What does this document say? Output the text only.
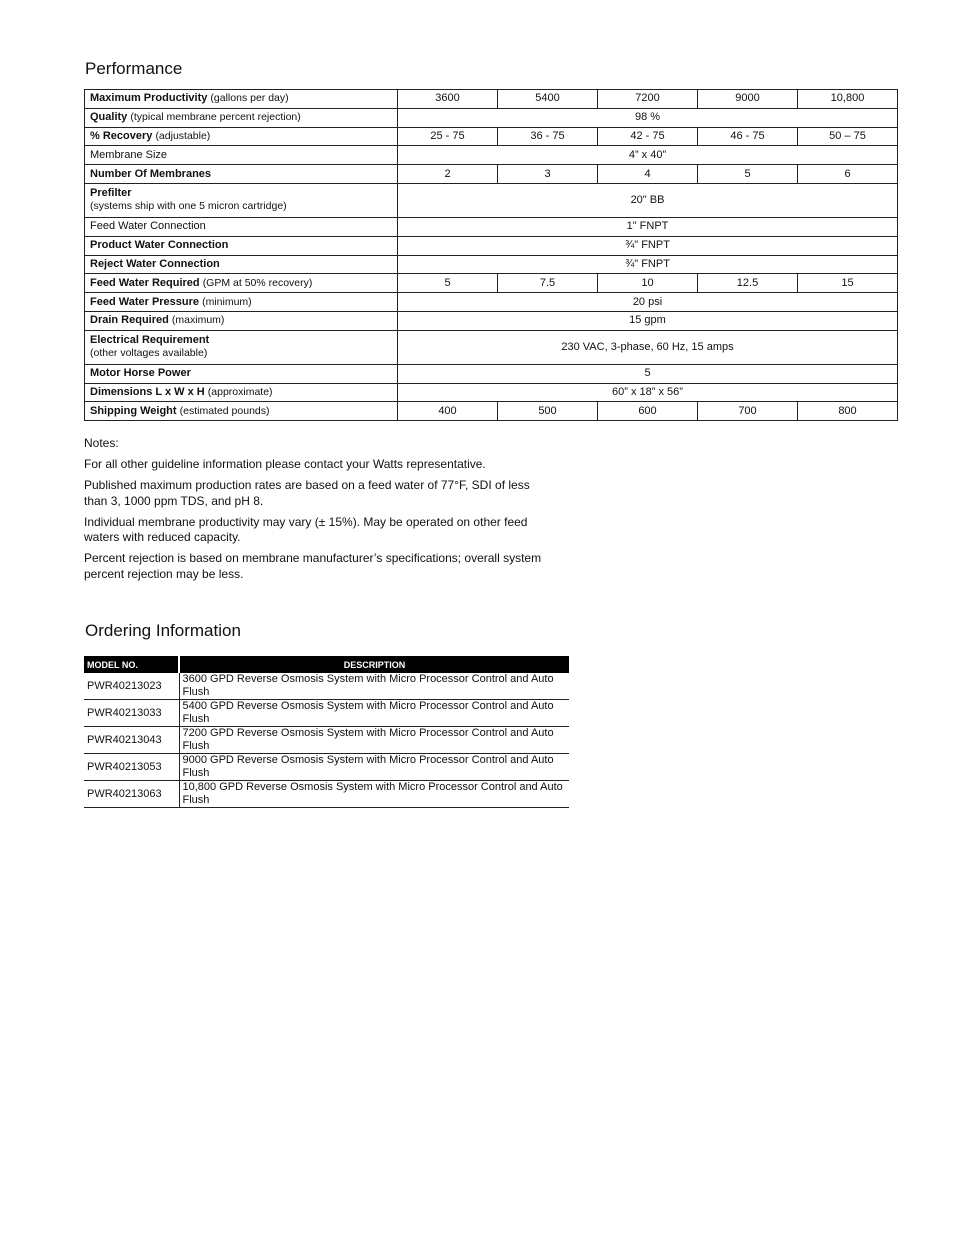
Performance
Maximum Productivity (gallons per day)	3600	5400	7200	9000	10,800
Quality (typical membrane percent rejection)	98 %				
% Recovery (adjustable)	25 - 75	36 - 75	42 - 75	46 - 75	50 – 75
Membrane Size	4” x 40”				
Number Of Membranes	2	3	4	5	6
Prefilter
(systems ship with one 5 micron cartridge)	20" BB				
Feed Water Connection	1" FNPT				
Product Water Connection	¾" FNPT				
Reject Water Connection	¾" FNPT				
Feed Water Required (GPM at 50% recovery)	5	7.5	10	12.5	15
Feed Water Pressure (minimum)	20 psi				
Drain Required (maximum)	15 gpm				
Electrical Requirement
(other voltages available)	230 VAC, 3-phase, 60 Hz, 15 amps				
Motor Horse Power	5				
Dimensions L x W x H (approximate)	60” x 18” x 56”				
Shipping Weight (estimated pounds)	400	500	600	700	800

Notes:

For all other guideline information please contact your Watts representative.

Published maximum production rates are based on a feed water of 77°F, SDI of less than 3, 1000 ppm TDS, and pH 8.

Individual membrane productivity may vary (± 15%). May be operated on other feed waters with reduced capacity.

Percent rejection is based on membrane manufacturer’s specifications; overall system percent rejection may be less.

Ordering Information
MODEL NO.	DESCRIPTION
PWR40213023	3600 GPD Reverse Osmosis System with Micro Processor Control and Auto Flush
PWR40213033	5400 GPD Reverse Osmosis System with Micro Processor Control and Auto Flush
PWR40213043	7200 GPD Reverse Osmosis System with Micro Processor Control and Auto Flush
PWR40213053	9000 GPD Reverse Osmosis System with Micro Processor Control and Auto Flush
PWR40213063	10,800 GPD Reverse Osmosis System with Micro Processor Control and Auto Flush
